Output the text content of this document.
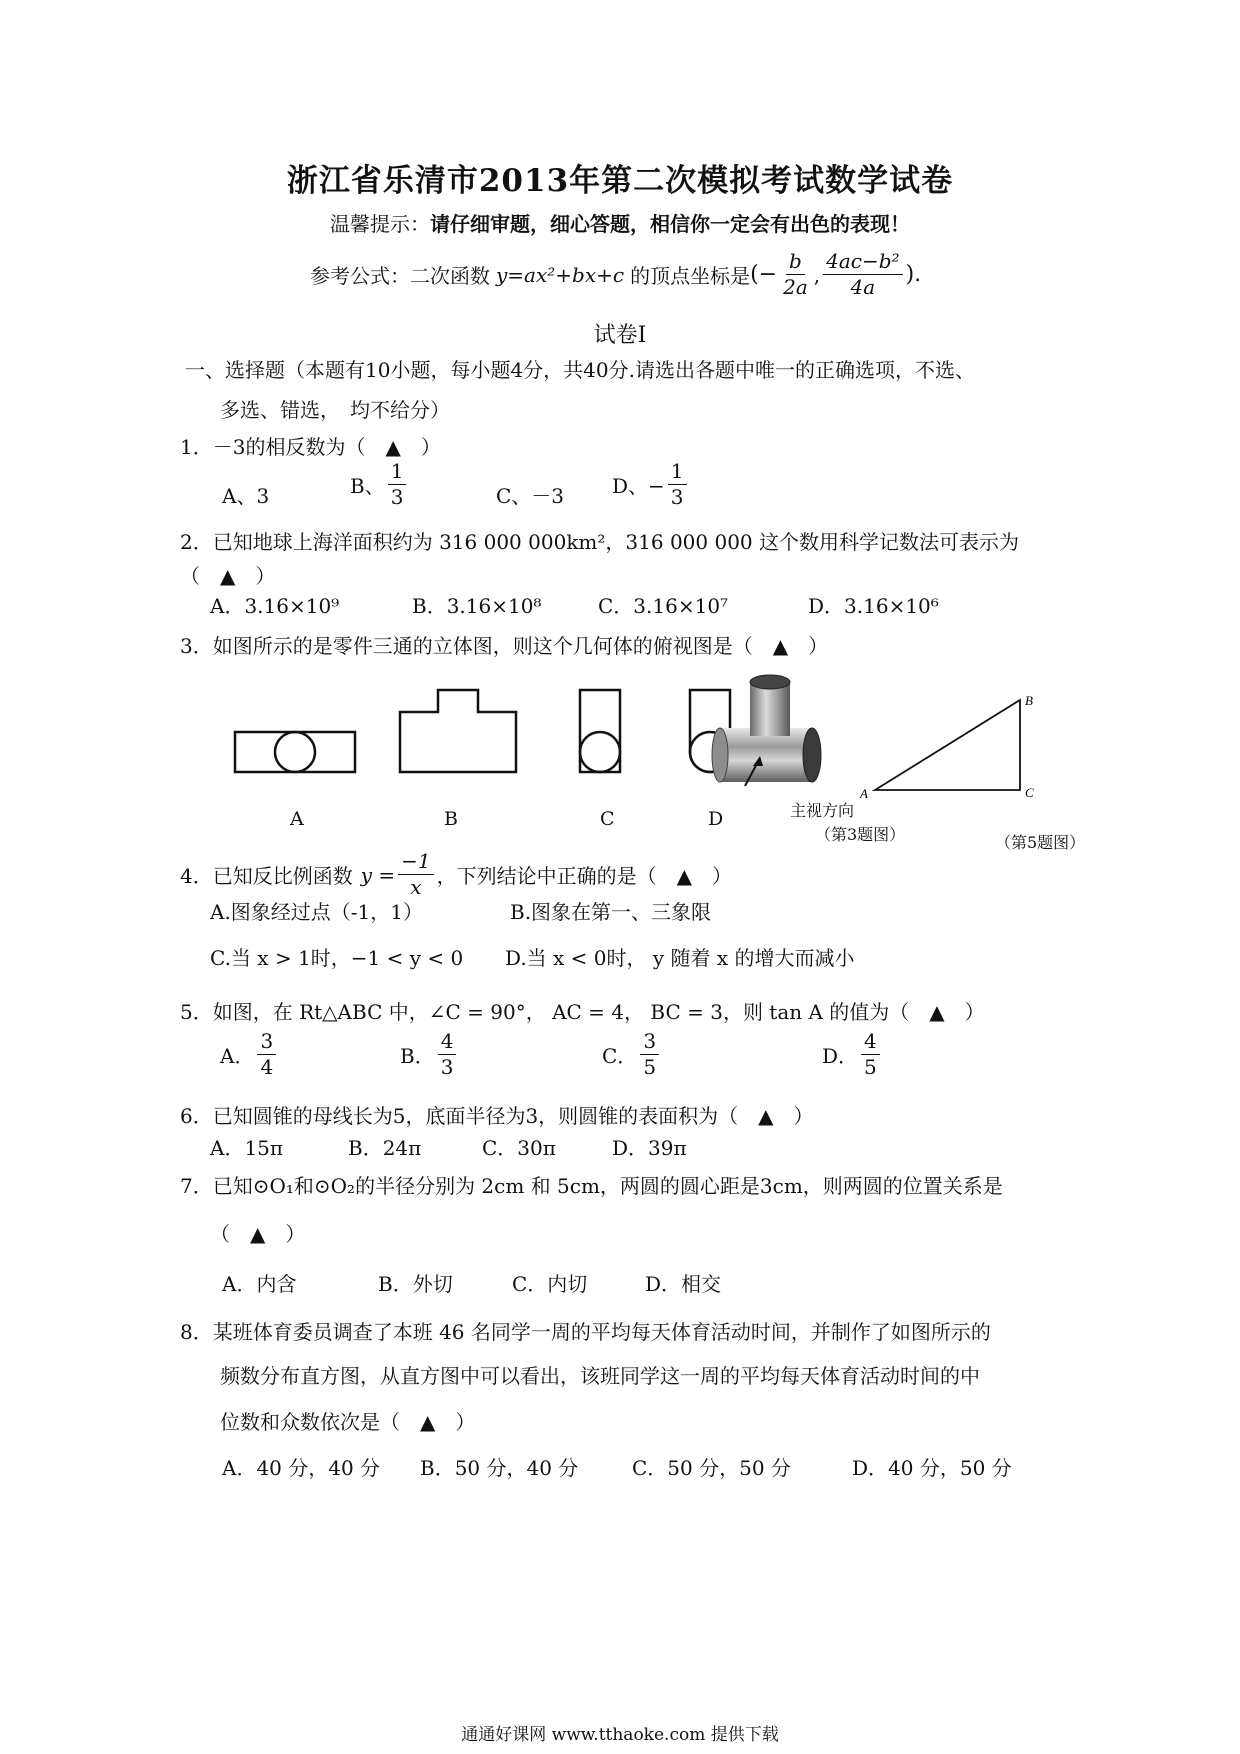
浙江省乐清市2013年第二次模拟考试数学试卷
温馨提示：请仔细审题，细心答题，相信你一定会有出色的表现！
参考公式：二次函数 y=ax²+bx+c 的顶点坐标是 (− $\frac{b}{2a}$ , $\frac{\text{4ac−b²}}{4a}$ ).
试卷Ⅰ
一、选择题（本题有10小题，每小题4分，共40分.请选出各题中唯一的正确选项，不选、
多选、错选，　均不给分）
1．－3的相反数为（　▲　）
A、3	B、 $\frac{1}{3}$	C、－3 D、− $\frac{1}{3}$
2．已知地球上海洋面积约为 316 000 000km²，316 000 000 这个数用科学记数法可表示为
（　▲　）
A．3.16×10⁹	B．3.16×10⁸	C．3.16×10⁷	D．3.16×10⁶
3．如图所示的是零件三通的立体图，则这个几何体的俯视图是（　▲　）
A
B
C
A	B	C	D	主视方向
（第3题图）	（第5题图）
4．已知反比例函数 $y = \frac{-1}{x}$ ，下列结论中正确的是（　▲　）
A.图象经过点（-1，1）	B.图象在第一、三象限
C.当 x > 1时，−1 < y < 0 D.当 x < 0时， y 随着 x 的增大而减小
5．如图，在 Rt△ABC 中，∠C = 90°， AC = 4， BC = 3，则 tan A 的值为（　▲　）
A． $\frac{3}{4}$	B． $\frac{4}{3}$	C． $\frac{3}{5}$	D． $\frac{4}{5}$
6．已知圆锥的母线长为5，底面半径为3，则圆锥的表面积为（　▲　）
A．15π	B．24π	C．30π	D．39π
7．已知⊙O₁和⊙O₂的半径分别为 2cm 和 5cm，两圆的圆心距是3cm，则两圆的位置关系是
（　▲　）
A．内含	B．外切	C．内切	D．相交
8．某班体育委员调查了本班 46 名同学一周的平均每天体育活动时间，并制作了如图所示的
频数分布直方图，从直方图中可以看出，该班同学这一周的平均每天体育活动时间的中
位数和众数依次是（　▲　）
A．40 分，40 分 B．50 分，40 分	C．50 分，50 分	D．40 分，50 分
通通好课网 www.tthaoke.com 提供下载
